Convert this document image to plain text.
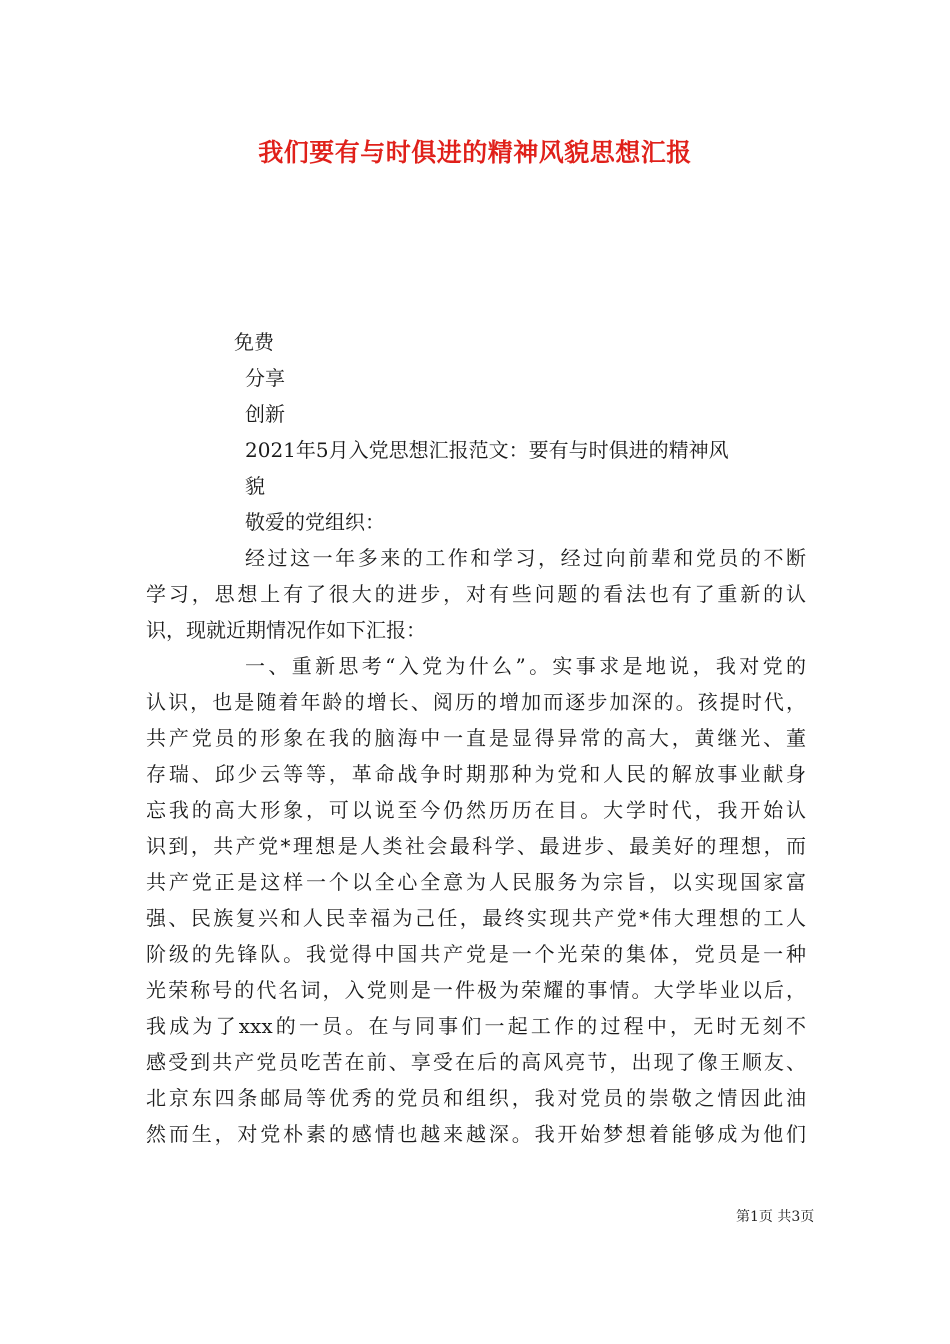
我们要有与时俱进的精神风貌思想汇报
免费
分享
创新
2021年5月入党思想汇报范文：要有与时俱进的精神风
貌
敬爱的党组织：
经过这一年多来的工作和学习，经过向前辈和党员的不断
学习，思想上有了很大的进步，对有些问题的看法也有了重新的认
识，现就近期情况作如下汇报：
一、重新思考“入党为什么”。实事求是地说，我对党的
认识，也是随着年龄的增长、阅历的增加而逐步加深的。孩提时代，
共产党员的形象在我的脑海中一直是显得异常的高大，黄继光、董
存瑞、邱少云等等，革命战争时期那种为党和人民的解放事业献身
忘我的高大形象，可以说至今仍然历历在目。大学时代，我开始认
识到，共产党*理想是人类社会最科学、最进步、最美好的理想，而
共产党正是这样一个以全心全意为人民服务为宗旨，以实现国家富
强、民族复兴和人民幸福为己任，最终实现共产党*伟大理想的工人
阶级的先锋队。我觉得中国共产党是一个光荣的集体，党员是一种
光荣称号的代名词，入党则是一件极为荣耀的事情。大学毕业以后，
我成为了xxx的一员。在与同事们一起工作的过程中，无时无刻不
感受到共产党员吃苦在前、享受在后的高风亮节，出现了像王顺友、
北京东四条邮局等优秀的党员和组织，我对党员的崇敬之情因此油
然而生，对党朴素的感情也越来越深。我开始梦想着能够成为他们
第1页 共3页
